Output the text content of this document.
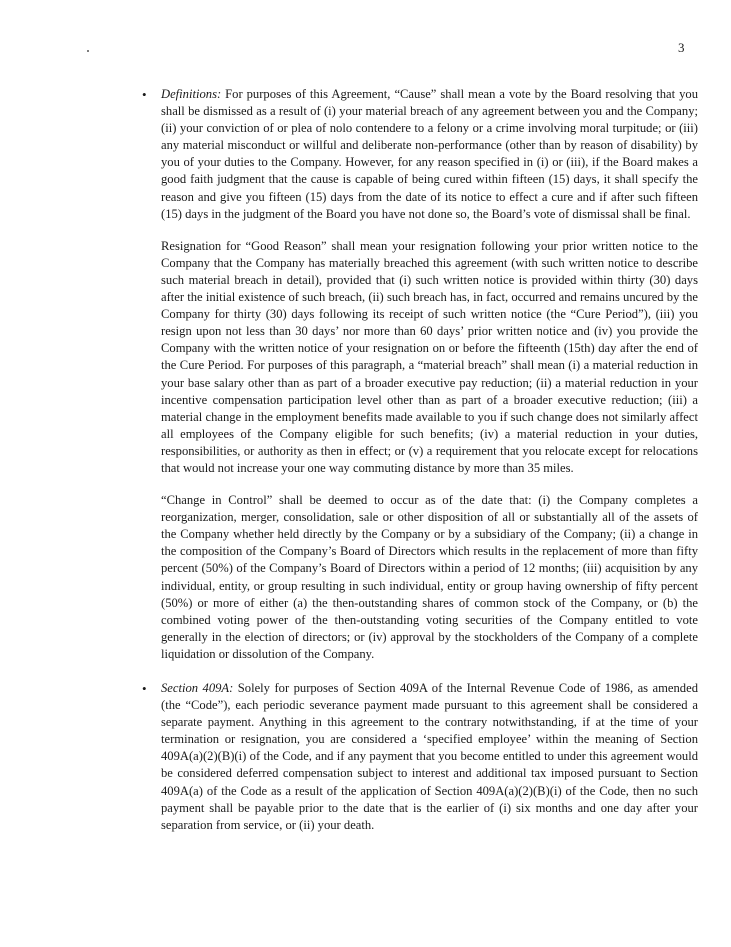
3
• Definitions: For purposes of this Agreement, “Cause” shall mean a vote by the Board resolving that you shall be dismissed as a result of (i) your material breach of any agreement between you and the Company; (ii) your conviction of or plea of nolo contendere to a felony or a crime involving moral turpitude; or (iii) any material misconduct or willful and deliberate non-performance (other than by reason of disability) by you of your duties to the Company. However, for any reason specified in (i) or (iii), if the Board makes a good faith judgment that the cause is capable of being cured within fifteen (15) days, it shall specify the reason and give you fifteen (15) days from the date of its notice to effect a cure and if after such fifteen (15) days in the judgment of the Board you have not done so, the Board’s vote of dismissal shall be final.

Resignation for “Good Reason” shall mean your resignation following your prior written notice to the Company that the Company has materially breached this agreement (with such written notice to describe such material breach in detail), provided that (i) such written notice is provided within thirty (30) days after the initial existence of such breach, (ii) such breach has, in fact, occurred and remains uncured by the Company for thirty (30) days following its receipt of such written notice (the “Cure Period”), (iii) you resign upon not less than 30 days’ nor more than 60 days’ prior written notice and (iv) you provide the Company with the written notice of your resignation on or before the fifteenth (15th) day after the end of the Cure Period. For purposes of this paragraph, a “material breach” shall mean (i) a material reduction in your base salary other than as part of a broader executive pay reduction; (ii) a material reduction in your incentive compensation participation level other than as part of a broader executive reduction; (iii) a material change in the employment benefits made available to you if such change does not similarly affect all employees of the Company eligible for such benefits; (iv) a material reduction in your duties, responsibilities, or authority as then in effect; or (v) a requirement that you relocate except for relocations that would not increase your one way commuting distance by more than 35 miles.

“Change in Control” shall be deemed to occur as of the date that: (i) the Company completes a reorganization, merger, consolidation, sale or other disposition of all or substantially all of the assets of the Company whether held directly by the Company or by a subsidiary of the Company; (ii) a change in the composition of the Company’s Board of Directors which results in the replacement of more than fifty percent (50%) of the Company’s Board of Directors within a period of 12 months; (iii) acquisition by any individual, entity, or group resulting in such individual, entity or group having ownership of fifty percent (50%) or more of either (a) the then-outstanding shares of common stock of the Company, or (b) the combined voting power of the then-outstanding voting securities of the Company entitled to vote generally in the election of directors; or (iv) approval by the stockholders of the Company of a complete liquidation or dissolution of the Company.

• Section 409A: Solely for purposes of Section 409A of the Internal Revenue Code of 1986, as amended (the “Code”), each periodic severance payment made pursuant to this agreement shall be considered a separate payment. Anything in this agreement to the contrary notwithstanding, if at the time of your termination or resignation, you are considered a ‘specified employee’ within the meaning of Section 409A(a)(2)(B)(i) of the Code, and if any payment that you become entitled to under this agreement would be considered deferred compensation subject to interest and additional tax imposed pursuant to Section 409A(a) of the Code as a result of the application of Section 409A(a)(2)(B)(i) of the Code, then no such payment shall be payable prior to the date that is the earlier of (i) six months and one day after your separation from service, or (ii) your death.
